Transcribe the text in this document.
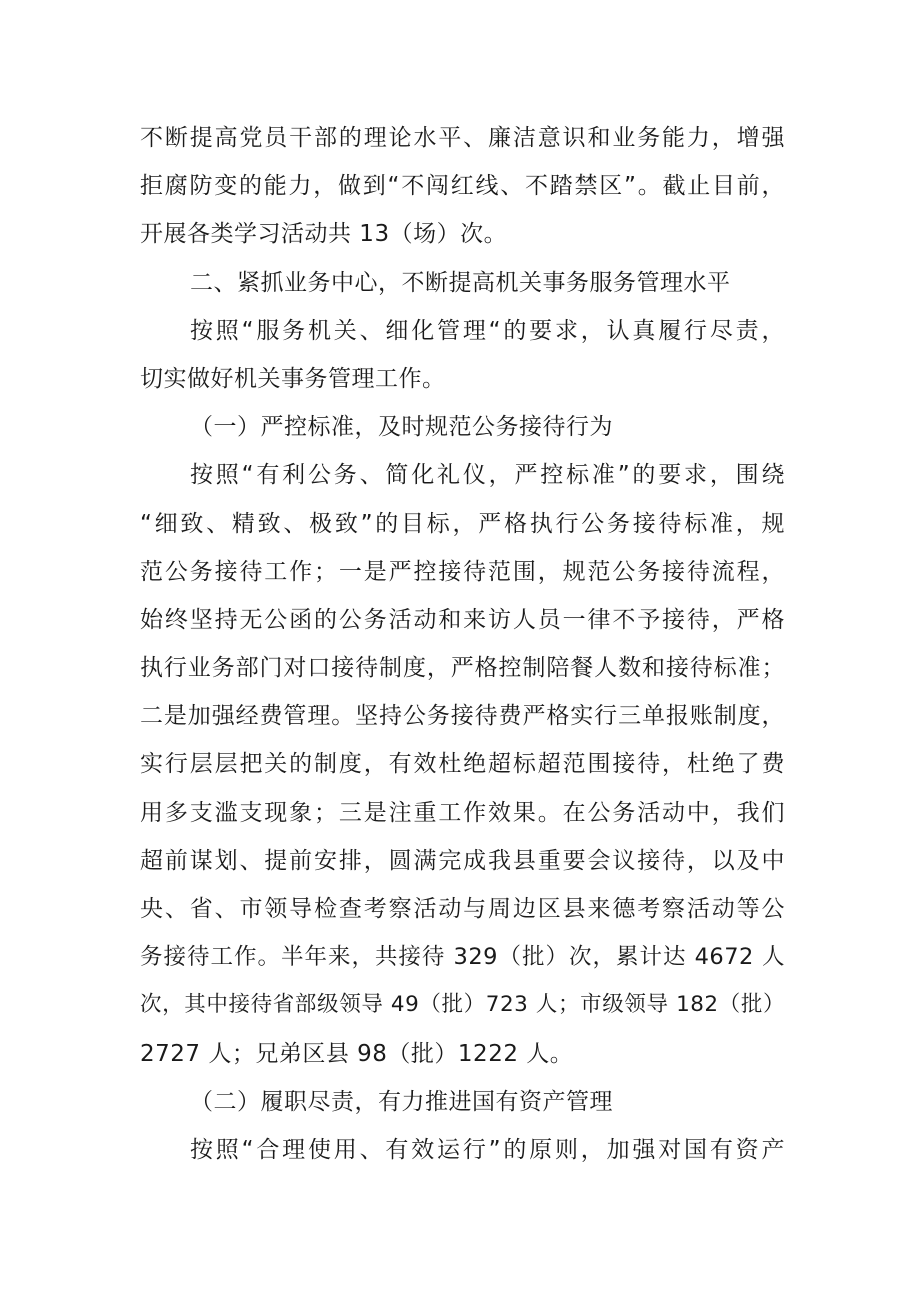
不断提高党员干部的理论水平、廉洁意识和业务能力，增强
拒腐防变的能力，做到“不闯红线、不踏禁区”。截止目前，
开展各类学习活动共 13（场）次。
二、紧抓业务中心，不断提高机关事务服务管理水平
按照“服务机关、细化管理“的要求，认真履行尽责，
切实做好机关事务管理工作。
（一）严控标准，及时规范公务接待行为
按照“有利公务、简化礼仪，严控标准”的要求，围绕
“细致、精致、极致”的目标，严格执行公务接待标准，规
范公务接待工作；一是严控接待范围，规范公务接待流程，
始终坚持无公函的公务活动和来访人员一律不予接待，严格
执行业务部门对口接待制度，严格控制陪餐人数和接待标准；
二是加强经费管理。坚持公务接待费严格实行三单报账制度，
实行层层把关的制度，有效杜绝超标超范围接待，杜绝了费
用多支滥支现象；三是注重工作效果。在公务活动中，我们
超前谋划、提前安排，圆满完成我县重要会议接待，以及中
央、省、市领导检查考察活动与周边区县来德考察活动等公
务接待工作。半年来，共接待 329（批）次，累计达 4672 人
次，其中接待省部级领导 49（批）723 人；市级领导 182（批）
2727 人；兄弟区县 98（批）1222 人。
（二）履职尽责，有力推进国有资产管理
按照“合理使用、有效运行”的原则，加强对国有资产
